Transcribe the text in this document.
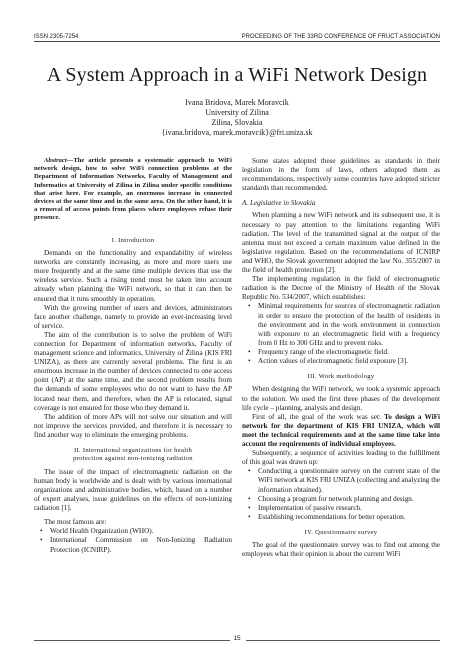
ISSN 2305-7254	PROCEEDING OF THE 33RD CONFERENCE OF FRUCT ASSOCIATION
A System Approach in a WiFi Network Design
Ivana Bridova, Marek Moravcik
University of Zilina
Zilina, Slovakia
{ivana.bridova, marek.moravcik}@fri.uniza.sk

Abstract—The article presents a systematic approach to WiFi network design, how to solve WiFi connection problems at the Department of Information Networks, Faculty of Management and Informatics at University of Zilina in Zilina under specific conditions that arise here. For example, an enormous increase in connected devices at the same time and in the same area. On the other hand, it is a removal of access points from places where employees refuse their presence.

I. Introduction

Demands on the functionality and expandability of wireless networks are constantly increasing, as more and more users use more frequently and at the same time multiple devices that use the wireless service. Such a rising trend must be taken into account already when planning the WiFi network, so that it can then be ensured that it runs smoothly in operation.

With the growing number of users and devices, administrators face another challenge, namely to provide an ever-increasing level of service.

The aim of the contribution is to solve the problem of WiFi connection for Department of information networks, Faculty of management science and informatics, University of Žilina (KIS FRI UNIZA), as there are currently several problems. The first is an enormous increase in the number of devices connected to one access point (AP) at the same time, and the second problem results from the demands of some employees who do not want to have the AP located near them, and therefore, when the AP is relocated, signal coverage is not ensured for those who they demand it.

The addition of more APs will not solve our situation and will not improve the services provided, and therefore it is necessary to find another way to eliminate the emerging problems.

II. International organizations for health
protection against non-ionizing radiation

The issue of the impact of electromagnetic radiation on the human body is worldwide and is dealt with by various international organizations and administrative bodies, which, based on a number of expert analyses, issue guidelines on the effects of non-ionizing radiation [1].

The most famous are:

• World Health Organization (WHO).
• International Commission on Non-Ionizing Radiation Protection (ICNIRP).

Some states adopted these guidelines as standards in their legislation in the form of laws, others adopted them as recommendations, respectively some countries have adopted stricter standards than recommended.

A. Legislative in Slovakia

When planning a new WiFi network and its subsequent use, it is necessary to pay attention to the limitations regarding WiFi radiation. The level of the transmitted signal at the output of the antenna must not exceed a certain maximum value defined in the legislative regulation. Based on the recommendations of ICNIRP and WHO, the Slovak government adopted the law No. 355/2007 in the field of health protection [2].

The implementing regulation in the field of electromagnetic radiation is the Decree of the Ministry of Health of the Slovak Republic No. 534/2007, which establishes:

• Minimal requirements for sources of electromagnetic radiation in order to ensure the protection of the health of residents in the environment and in the work environment in connection with exposure to an electromagnetic field with a frequency from 0 Hz to 300 GHz and to prevent risks.
• Frequency range of the electromagnetic field.
• Action values of electromagnetic field exposure [3].

III. Work methodology

When designing the WiFi network, we took a systemic approach to the solution. We used the first three phases of the development life cycle – planning, analysis and design.

First of all, the goal of the work was set: To design a WiFi network for the department of KIS FRI UNIZA, which will meet the technical requirements and at the same time take into account the requirements of individual employees.

Subsequently, a sequence of activities leading to the fulfillment of this goal was drawn up:

• Conducting a questionnaire survey on the current state of the WiFi network at KIS FRI UNIZA (collecting and analyzing the information obtained).
• Choosing a program for network planning and design.
• Implementation of passive research.
• Establishing recommendations for better operation.

IV. Questionnaire survey

The goal of the questionnaire survey was to find out among the employees what their opinion is about the current WiFi

15
